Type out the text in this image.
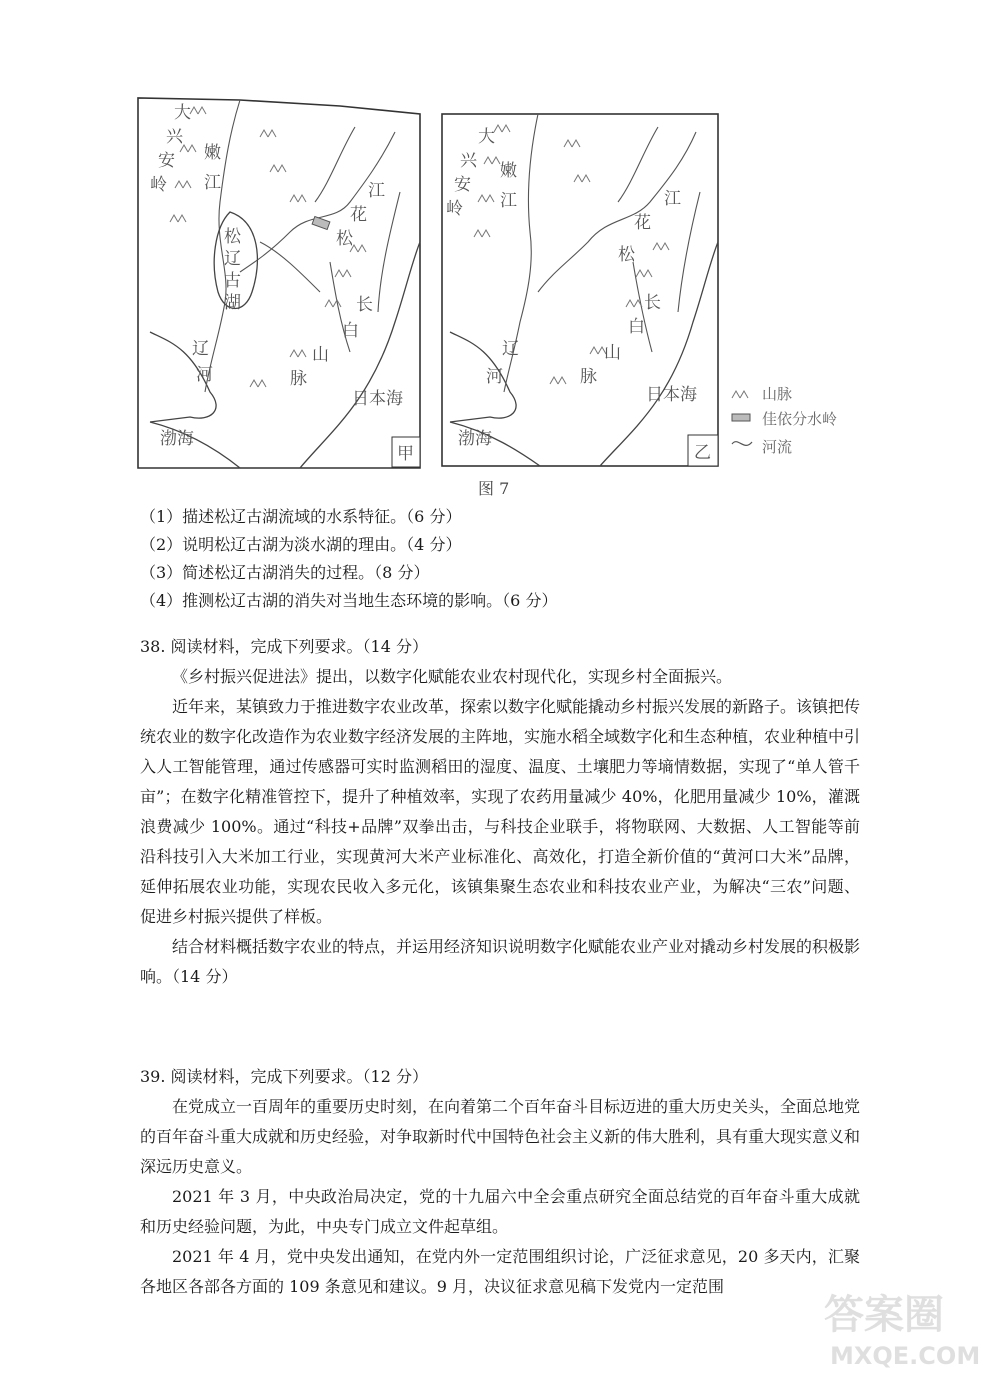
大
兴
安
岭
嫩
江
松
辽
古
湖
江
花
松
长
白
山
脉
辽
河
日本海
渤海
甲
大
兴
安
岭
嫩
江	江
花
松
长
白
山
脉
辽
河
日本海
渤海
乙
山脉
佳依分水岭
河流
图 7
（1）描述松辽古湖流域的水系特征。（6 分）
（2）说明松辽古湖为淡水湖的理由。（4 分）
（3）简述松辽古湖消失的过程。（8 分）
（4）推测松辽古湖的消失对当地生态环境的影响。（6 分）
38. 阅读材料，完成下列要求。（14 分）

《乡村振兴促进法》提出，以数字化赋能农业农村现代化，实现乡村全面振兴。

近年来，某镇致力于推进数字农业改革，探索以数字化赋能撬动乡村振兴发展的新路子。该镇把传统农业的数字化改造作为农业数字经济发展的主阵地，实施水稻全域数字化和生态种植，农业种植中引入人工智能管理，通过传感器可实时监测稻田的湿度、温度、土壤肥力等墒情数据，实现了“单人管千亩”；在数字化精准管控下，提升了种植效率，实现了农药用量减少 40%，化肥用量减少 10%，灌溉浪费减少 100%。通过“科技+品牌”双拳出击，与科技企业联手，将物联网、大数据、人工智能等前沿科技引入大米加工行业，实现黄河大米产业标准化、高效化，打造全新价值的“黄河口大米”品牌，延伸拓展农业功能，实现农民收入多元化，该镇集聚生态农业和科技农业产业，为解决“三农”问题、促进乡村振兴提供了样板。

结合材料概括数字农业的特点，并运用经济知识说明数字化赋能农业产业对撬动乡村发展的积极影响。（14 分）

39. 阅读材料，完成下列要求。（12 分）

在党成立一百周年的重要历史时刻，在向着第二个百年奋斗目标迈进的重大历史关头，全面总地党的百年奋斗重大成就和历史经验，对争取新时代中国特色社会主义新的伟大胜利，具有重大现实意义和深远历史意义。

2021 年 3 月，中央政治局决定，党的十九届六中全会重点研究全面总结党的百年奋斗重大成就和历史经验问题，为此，中央专门成立文件起草组。

2021 年 4 月，党中央发出通知，在党内外一定范围组织讨论，广泛征求意见，20 多天内，汇聚各地区各部各方面的 109 条意见和建议。9 月，决议征求意见稿下发党内一定范围

答案圈
MXQE.COM
